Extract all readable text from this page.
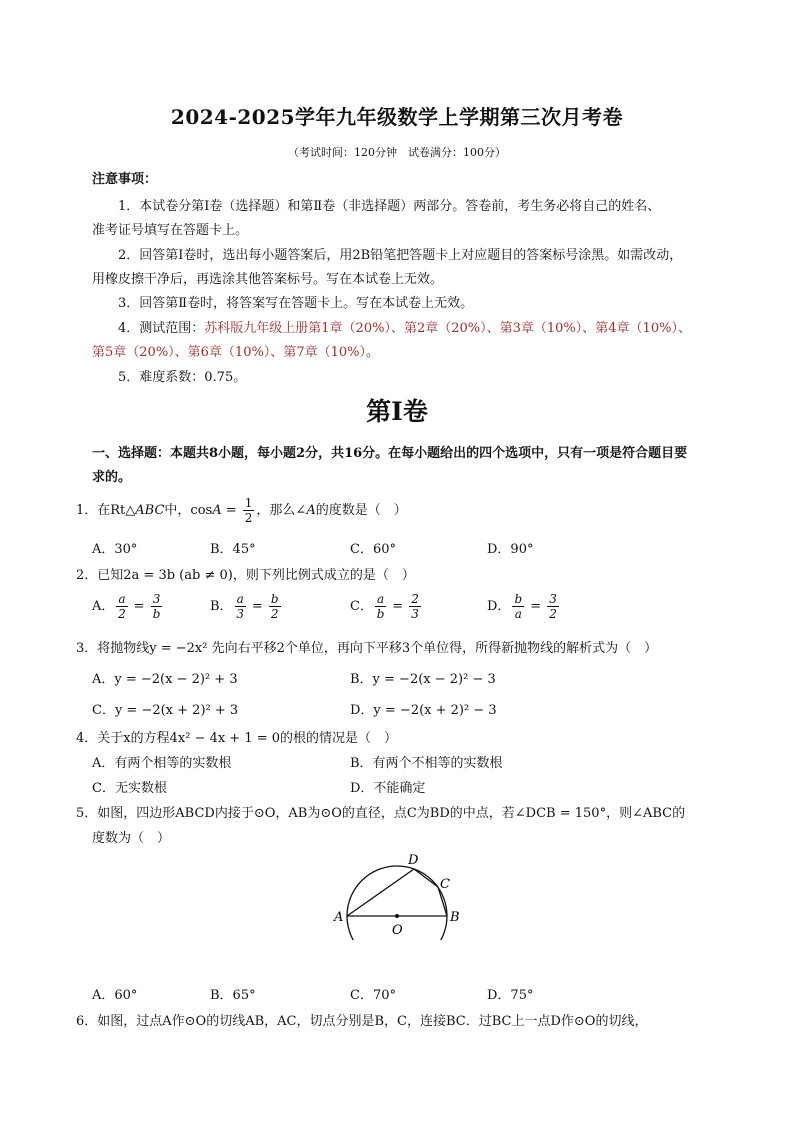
2024-2025学年九年级数学上学期第三次月考卷
（考试时间：120分钟　试卷满分：100分）
注意事项：
1．本试卷分第Ⅰ卷（选择题）和第Ⅱ卷（非选择题）两部分。答卷前，考生务必将自己的姓名、
准考证号填写在答题卡上。
2．回答第Ⅰ卷时，选出每小题答案后，用2B铅笔把答题卡上对应题目的答案标号涂黑。如需改动，
用橡皮擦干净后，再选涂其他答案标号。写在本试卷上无效。
3．回答第Ⅱ卷时，将答案写在答题卡上。写在本试卷上无效。
4．测试范围：苏科版九年级上册第1章（20%）、第2章（20%）、第3章（10%）、第4章（10%）、
第5章（20%）、第6章（10%）、第7章（10%）。
5．难度系数：0.75。
第Ⅰ卷
一、选择题：本题共8小题，每小题2分，共16分。在每小题给出的四个选项中，只有一项是符合题目要
求的。
1．在Rt△ABC中，$\cos A = \frac{1}{2}$ ，那么∠A的度数是（　）
A．30°	B．45°	C．60°	D．90°
2．已知2a = 3b (ab ≠ 0)，则下列比例式成立的是（　）
A． $\frac{a}{2} = \frac{3}{b}$	B． $\frac{a}{3} = \frac{b}{2}$	C． $\frac{a}{b} = \frac{2}{3}$	D． $\frac{b}{a} = \frac{3}{2}$
3．将抛物线y = −2x² 先向右平移2个单位，再向下平移3个单位得，所得新抛物线的解析式为（　）
A．y = −2(x − 2)² + 3	B．y = −2(x − 2)² − 3
C．y = −2(x + 2)² + 3	D．y = −2(x + 2)² − 3
4．关于x的方程4x² − 4x + 1 = 0的根的情况是（　）
A．有两个相等的实数根	B．有两个不相等的实数根
C．无实数根	D．不能确定
5．如图，四边形ABCD内接于⊙O，AB为⊙O的直径，点C为BD的中点，若∠DCB = 150°，则∠ABC的
度数为（　）
A	B
C
D
O
A．60°	B．65°	C．70°	D．75°
6．如图，过点A作⊙O的切线AB，AC，切点分别是B，C，连接BC．过BC上一点D作⊙O的切线，
